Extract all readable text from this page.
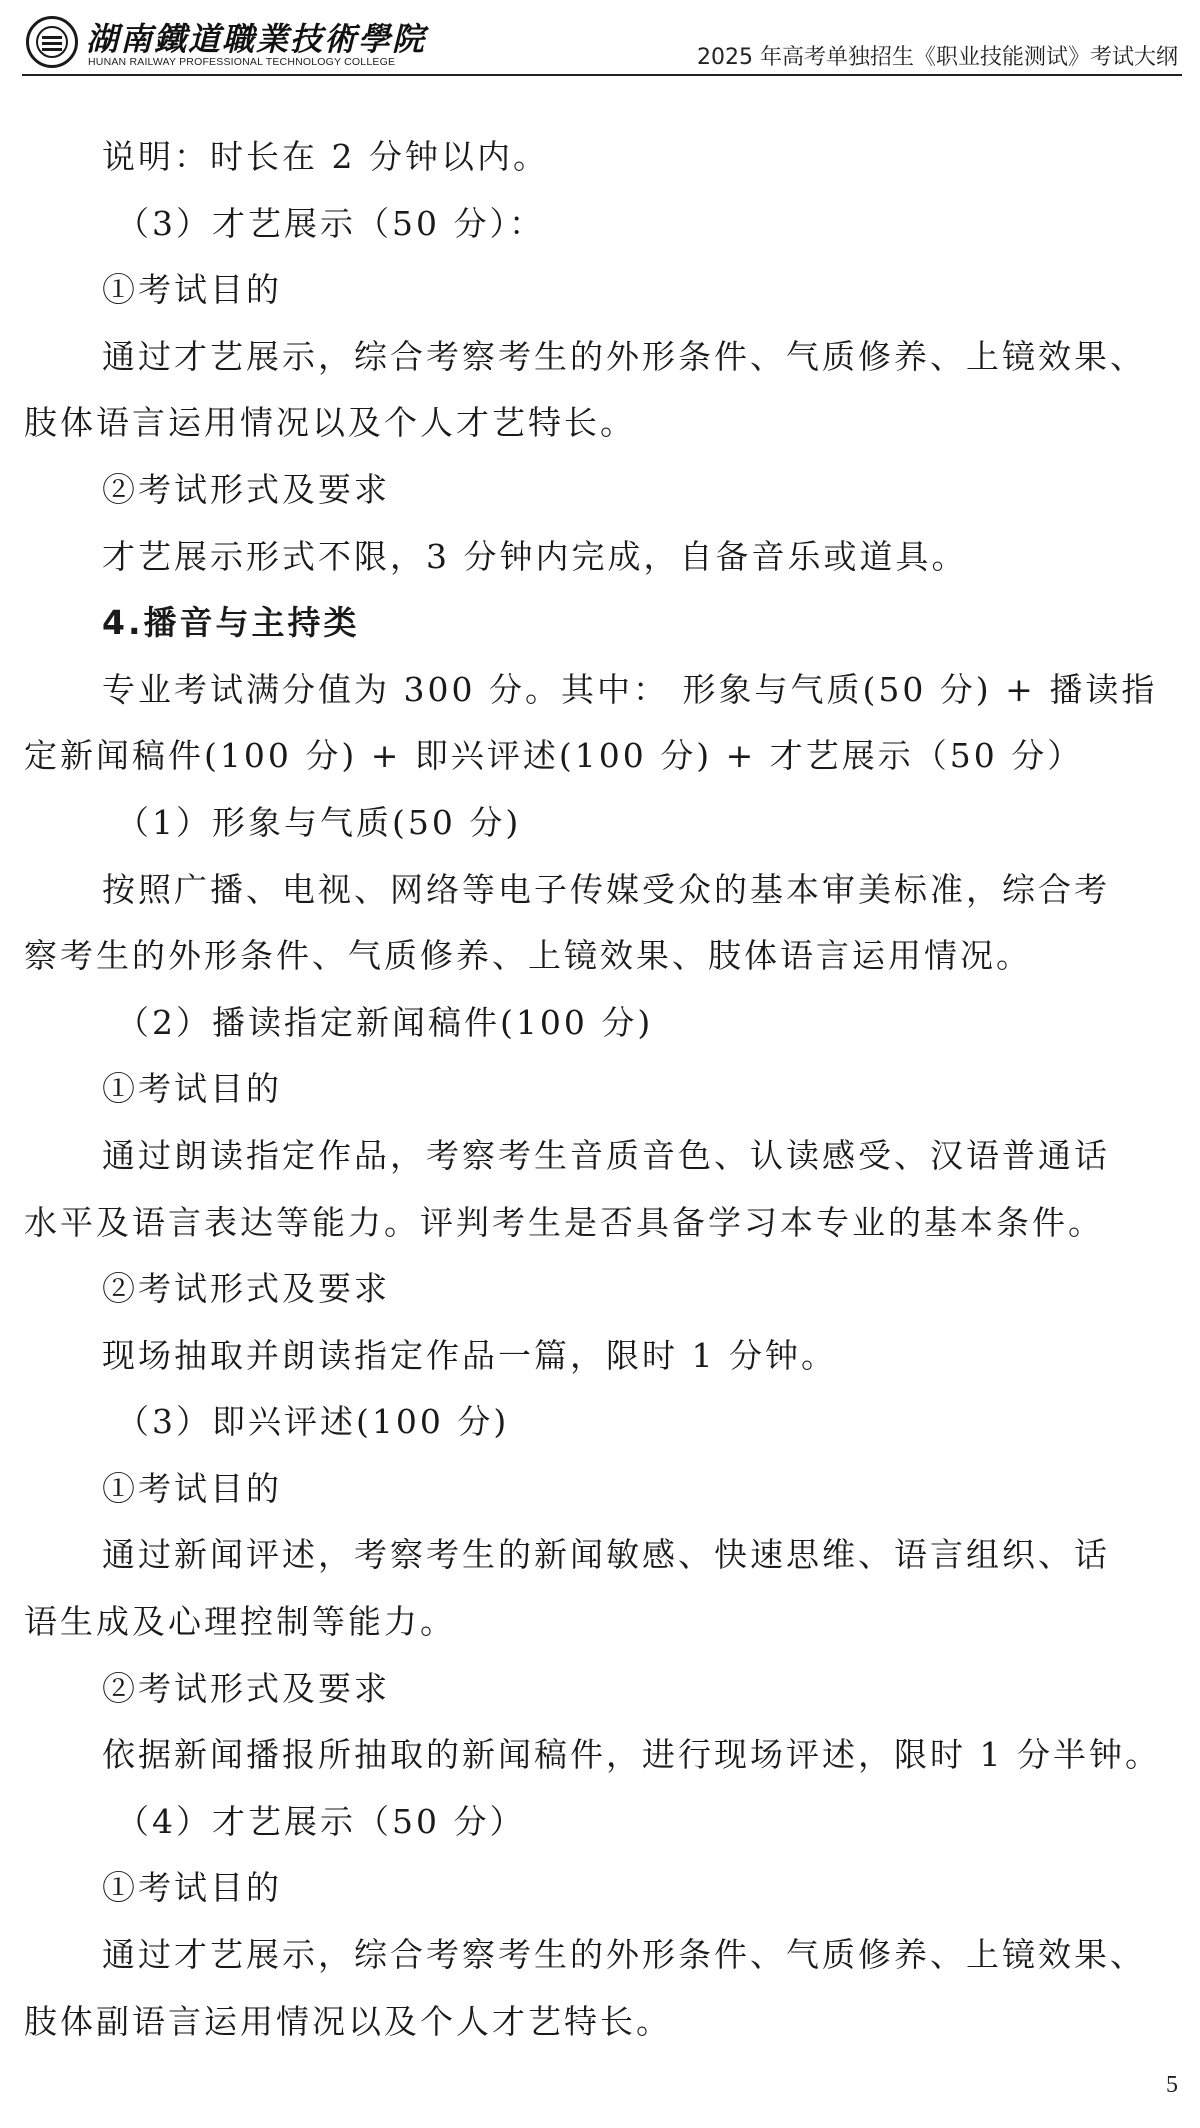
湖南鐵道職業技術學院
HUNAN RAILWAY PROFESSIONAL TECHNOLOGY COLLEGE	2025 年高考单独招生《职业技能测试》考试大纲
说明：时长在 2 分钟以内。
（3）才艺展示（50 分）：
①考试目的
通过才艺展示，综合考察考生的外形条件、气质修养、上镜效果、
肢体语言运用情况以及个人才艺特长。
②考试形式及要求
才艺展示形式不限，3 分钟内完成，自备音乐或道具。
4.播音与主持类
专业考试满分值为 300 分。其中： 形象与气质(50 分) + 播读指
定新闻稿件(100 分) + 即兴评述(100 分) + 才艺展示（50 分）
（1）形象与气质(50 分)
按照广播、电视、网络等电子传媒受众的基本审美标准，综合考
察考生的外形条件、气质修养、上镜效果、肢体语言运用情况。
（2）播读指定新闻稿件(100 分)
①考试目的
通过朗读指定作品，考察考生音质音色、认读感受、汉语普通话
水平及语言表达等能力。评判考生是否具备学习本专业的基本条件。
②考试形式及要求
现场抽取并朗读指定作品一篇，限时 1 分钟。
（3）即兴评述(100 分)
①考试目的
通过新闻评述，考察考生的新闻敏感、快速思维、语言组织、话
语生成及心理控制等能力。
②考试形式及要求
依据新闻播报所抽取的新闻稿件，进行现场评述，限时 1 分半钟。
（4）才艺展示（50 分）
①考试目的
通过才艺展示，综合考察考生的外形条件、气质修养、上镜效果、
肢体副语言运用情况以及个人才艺特长。
5
